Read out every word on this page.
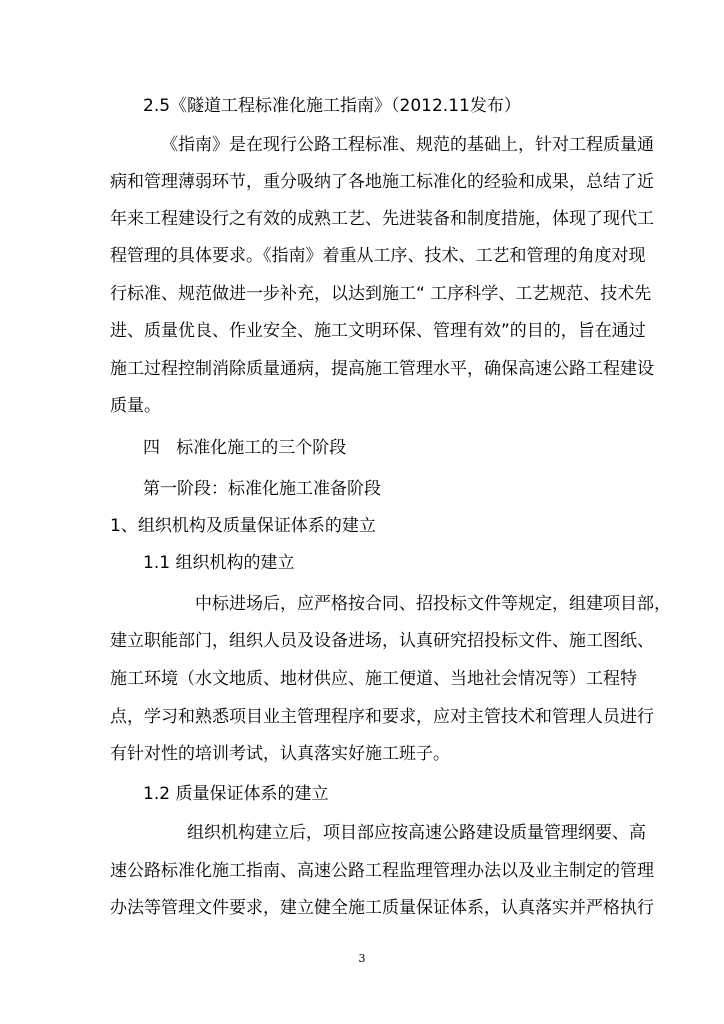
2.5《隧道工程标准化施工指南》（2012.11发布）
《指南》是在现行公路工程标准、规范的基础上，针对工程质量通
病和管理薄弱环节，重分吸纳了各地施工标准化的经验和成果，总结了近
年来工程建设行之有效的成熟工艺、先进装备和制度措施，体现了现代工
程管理的具体要求。《指南》着重从工序、技术、工艺和管理的角度对现
行标准、规范做进一步补充，以达到施工“ 工序科学、工艺规范、技术先
进、质量优良、作业安全、施工文明环保、管理有效”的目的，旨在通过
施工过程控制消除质量通病，提高施工管理水平，确保高速公路工程建设
质量。
四   标准化施工的三个阶段
第一阶段：标准化施工准备阶段
1、组织机构及质量保证体系的建立
1.1 组织机构的建立
中标进场后，应严格按合同、招投标文件等规定，组建项目部，
建立职能部门，组织人员及设备进场，认真研究招投标文件、施工图纸、
施工环境（水文地质、地材供应、施工便道、当地社会情况等）工程特
点，学习和熟悉项目业主管理程序和要求，应对主管技术和管理人员进行
有针对性的培训考试，认真落实好施工班子。
1.2 质量保证体系的建立
组织机构建立后，项目部应按高速公路建设质量管理纲要、高
速公路标准化施工指南、高速公路工程监理管理办法以及业主制定的管理
办法等管理文件要求，建立健全施工质量保证体系，认真落实并严格执行
3
